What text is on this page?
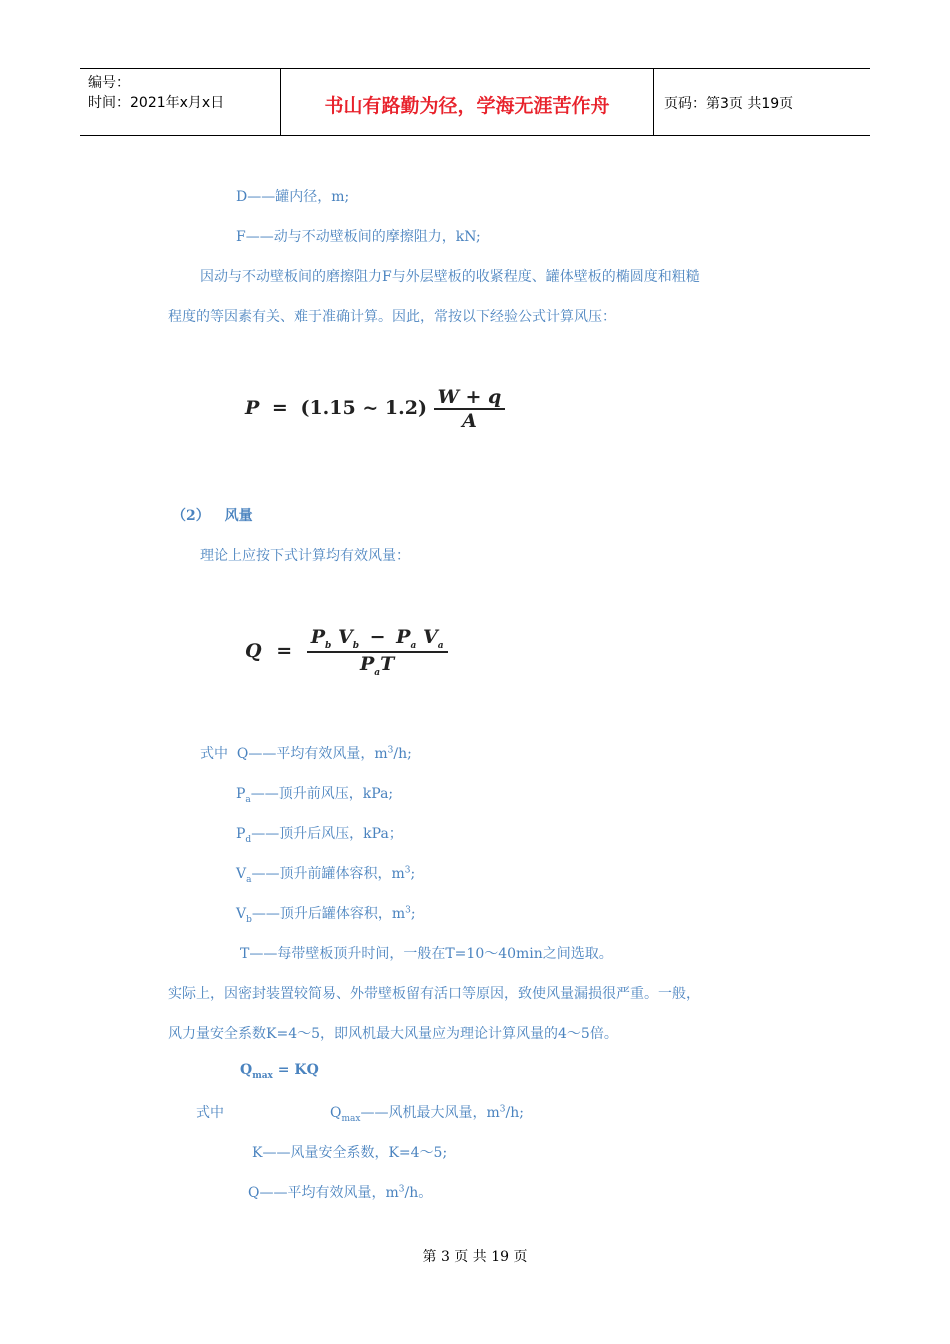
编号：
时间：2021年x月x日	书山有路勤为径，学海无涯苦作舟	页码：第3页 共19页
D——罐内径，m;
F——动与不动壁板间的摩擦阻力，kN;
因动与不动壁板间的磨擦阻力F与外层壁板的收紧程度、罐体壁板的椭圆度和粗糙
程度的等因素有关、难于准确计算。因此，常按以下经验公式计算风压：
P = (1.15 ~ $1.2) \frac{W + q}{A}$
（2） 风量
理论上应按下式计算均有效风量：
$Q = \frac{P_b V_b - P_a V_a}{P_aT}$
式中 Q——平均有效风量，$m^3/h$;
$P_a——$顶升前风压，kPa;
$P_d——$顶升后风压，kPa；
$V_a——$顶升前罐体容积，$m^3$;
$V_b——$顶升后罐体容积，$m^3$;
T——每带壁板顶升时间，一般在T=10～40min之间选取。
实际上，因密封装置较简易、外带壁板留有活口等原因，致使风量漏损很严重。一般，
风力量安全系数K=4～5，即风机最大风量应为理论计算风量的4～5倍。
$Q_{max}$ = KQ
式中	$Q_{max}——$风机最大风量，$m^3/h$;
K——风量安全系数，K=4～5;
Q——平均有效风量，$m^3/h$。
第 3 页 共 19 页
